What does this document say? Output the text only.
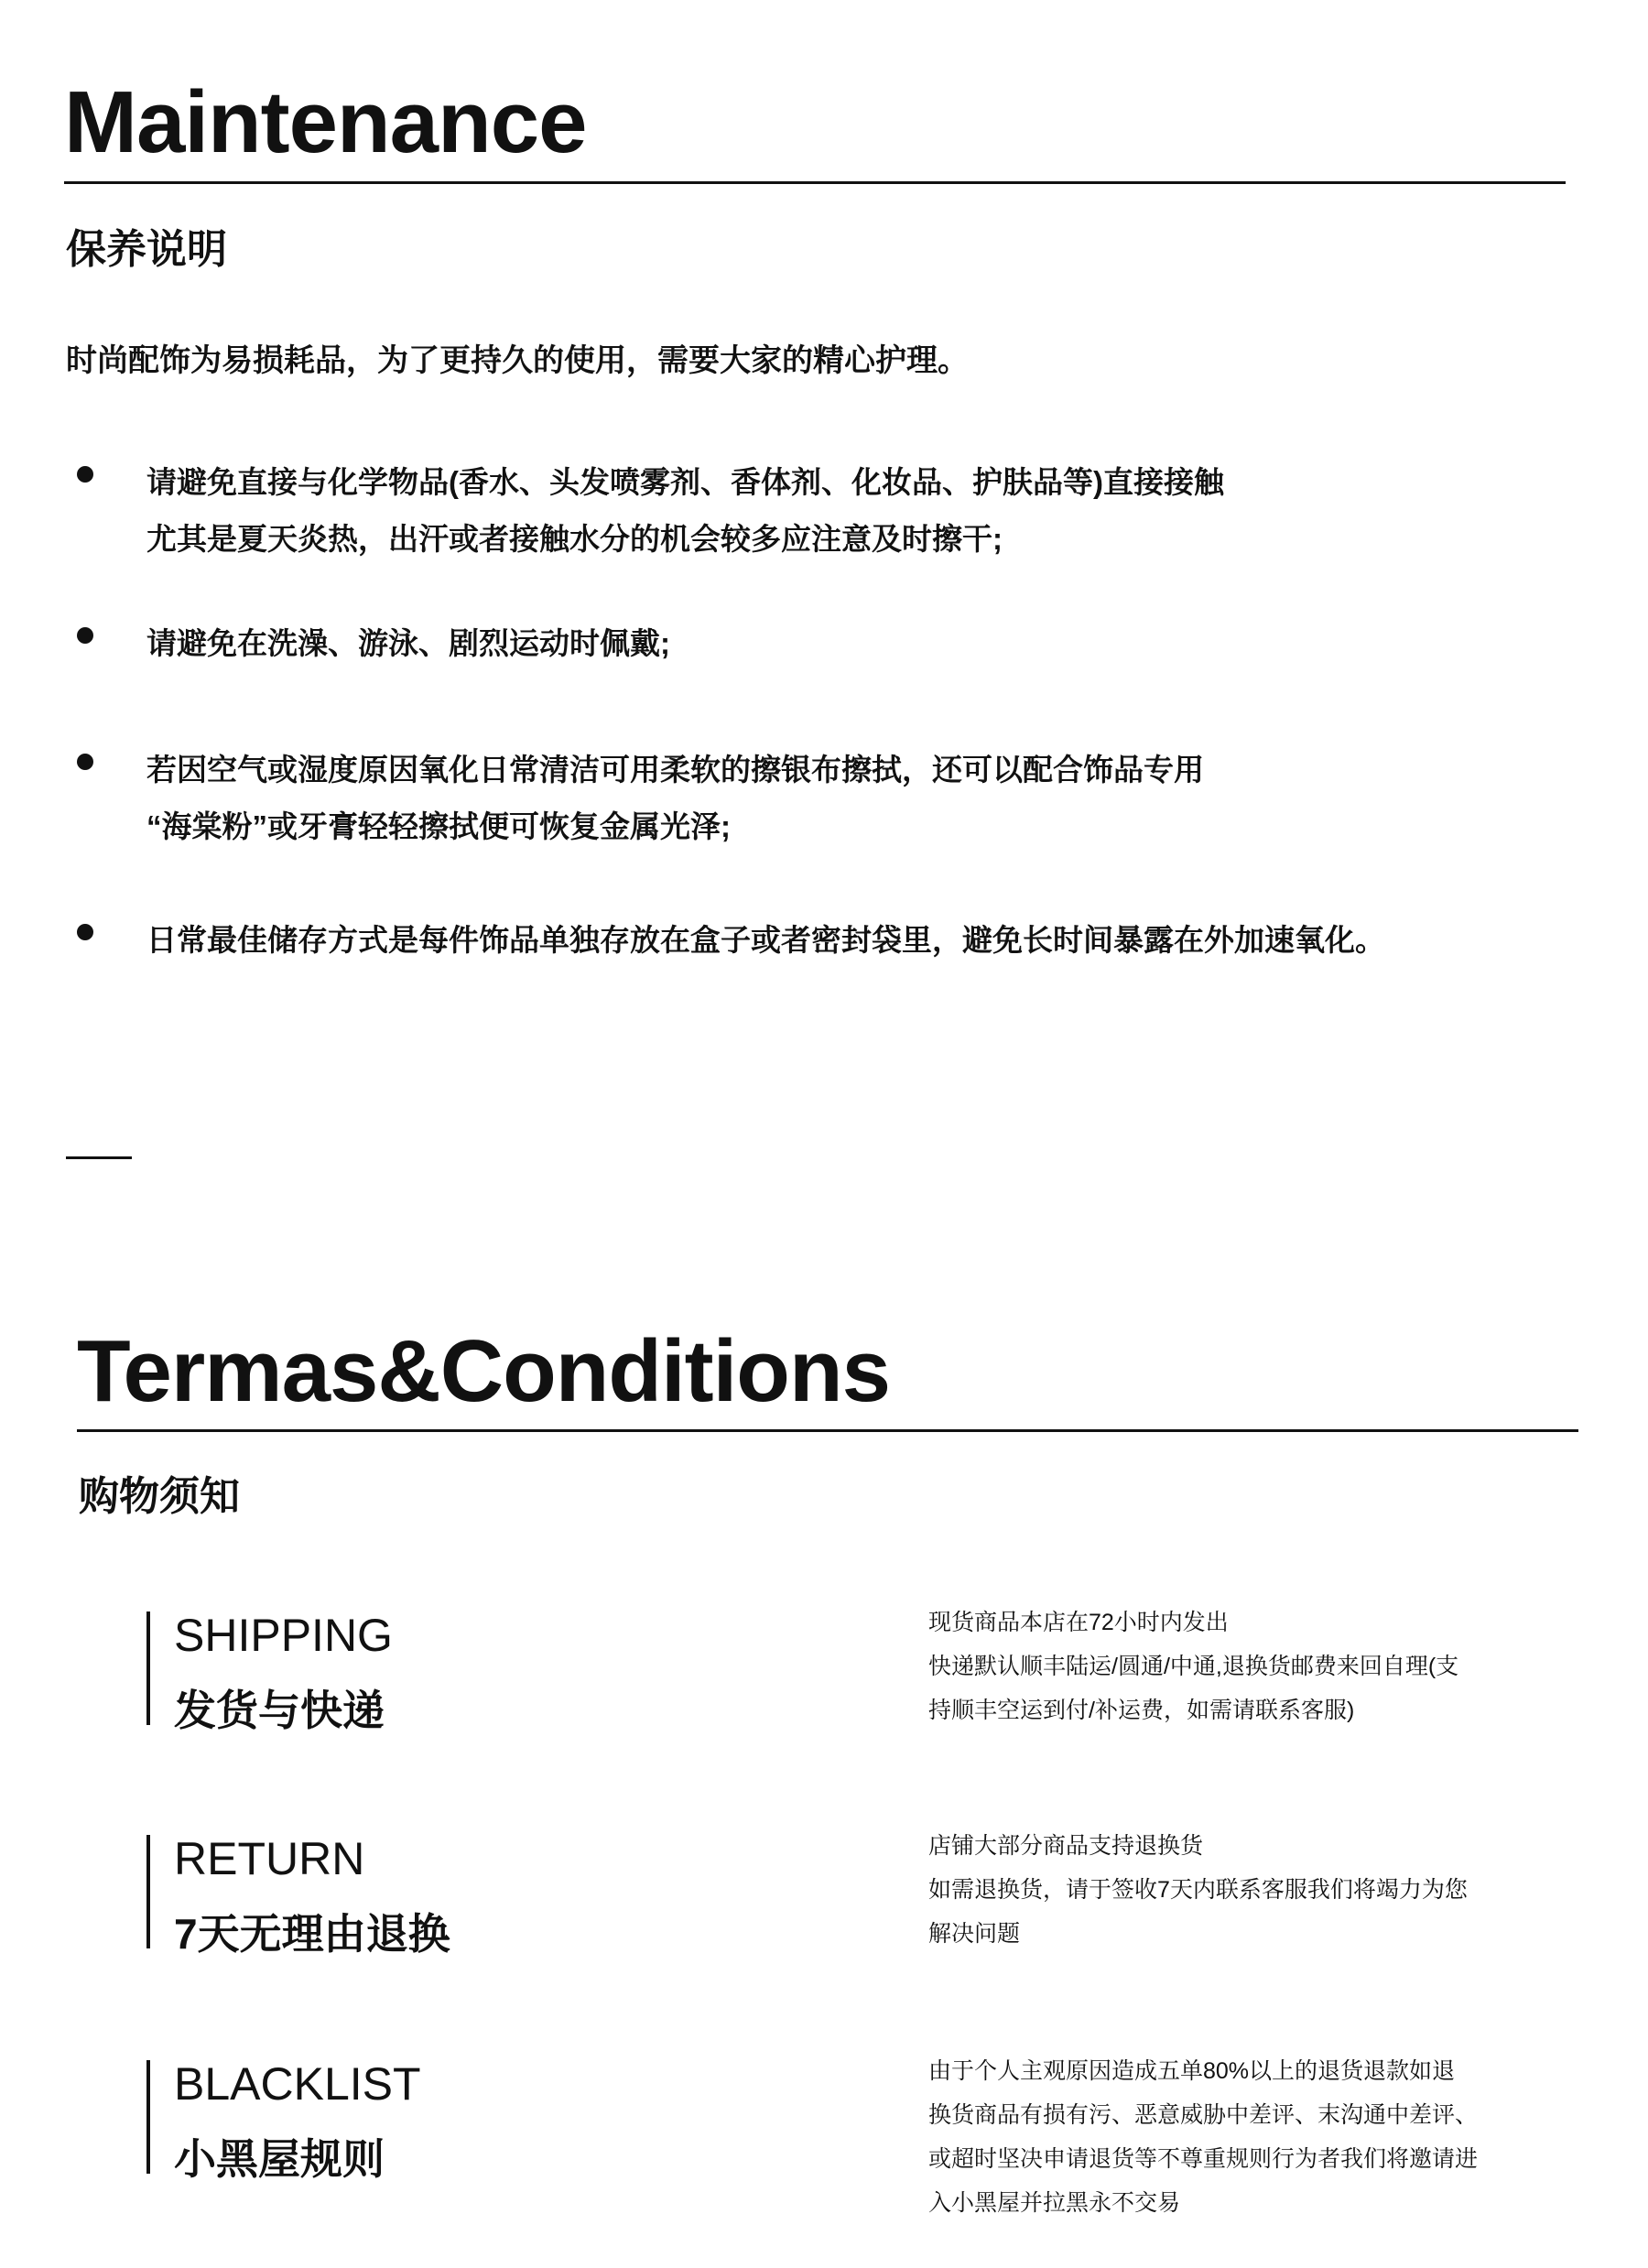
Maintenance
保养说明
时尚配饰为易损耗品，为了更持久的使用，需要大家的精心护理。
请避免直接与化学物品(香水、头发喷雾剂、香体剂、化妆品、护肤品等)直接接触
尤其是夏天炎热，出汗或者接触水分的机会较多应注意及时擦干;
请避免在洗澡、游泳、剧烈运动时佩戴;
若因空气或湿度原因氧化日常清洁可用柔软的擦银布擦拭，还可以配合饰品专用
“海棠粉”或牙膏轻轻擦拭便可恢复金属光泽;
日常最佳储存方式是每件饰品单独存放在盒子或者密封袋里，避免长时间暴露在外加速氧化。
Termas&Conditions
购物须知
SHIPPING
发货与快递
现货商品本店在72小时内发出
快递默认顺丰陆运/圆通/中通,退换货邮费来回自理(支
持顺丰空运到付/补运费，如需请联系客服)
RETURN
7天无理由退换
店铺大部分商品支持退换货
如需退换货，请于签收7天内联系客服我们将竭力为您
解决问题
BLACKLIST
小黑屋规则
由于个人主观原因造成五单80%以上的退货退款如退
换货商品有损有污、恶意威胁中差评、末沟通中差评、
或超时坚决申请退货等不尊重规则行为者我们将邀请进
入小黑屋并拉黑永不交易
